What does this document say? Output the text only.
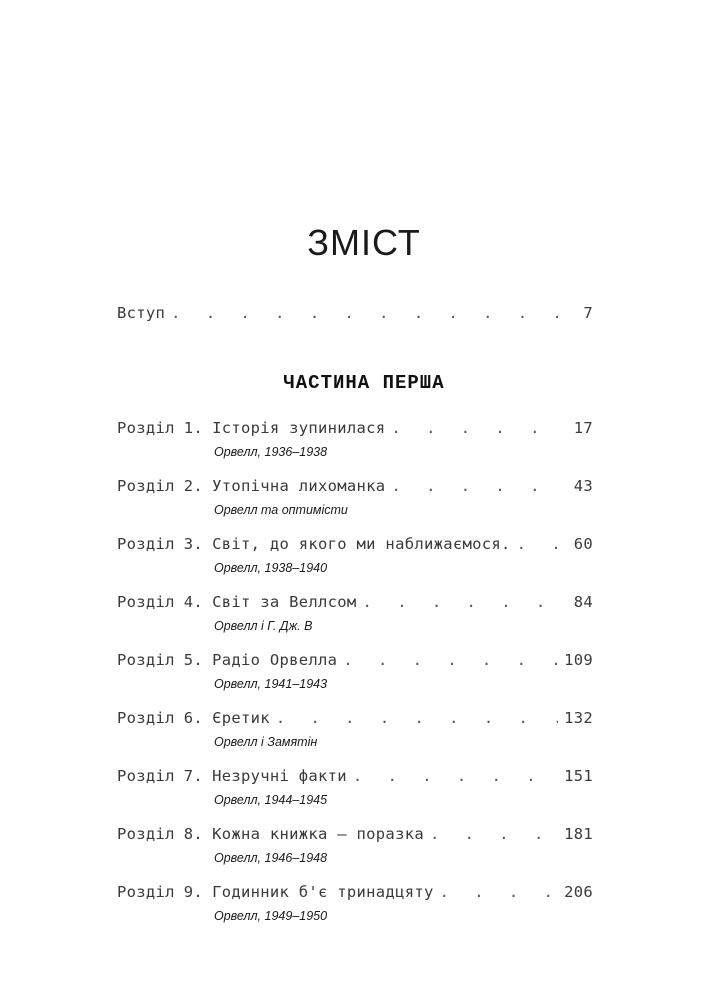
ЗМІСТ
Вступ . . .	7
ЧАСТИНА ПЕРША
Розділ 1. Історія зупинилася . . .	17
Орвелл, 1936–1938
Розділ 2. Утопічна лихоманка . . .	43
Орвелл та оптимісти
Розділ 3. Світ, до якого ми наближаємося. . . .	60
Орвелл, 1938–1940
Розділ 4. Світ за Веллсом . . .	84
Орвелл і Г. Дж. В
Розділ 5. Радіо Орвелла . . .	109
Орвелл, 1941–1943
Розділ 6. Єретик . . .	132
Орвелл і Замятін
Розділ 7. Незручні факти . . .	151
Орвелл, 1944–1945
Розділ 8. Кожна книжка – поразка . . .	181
Орвелл, 1946–1948
Розділ 9. Годинник б'є тринадцяту . . .	206
Орвелл, 1949–1950
